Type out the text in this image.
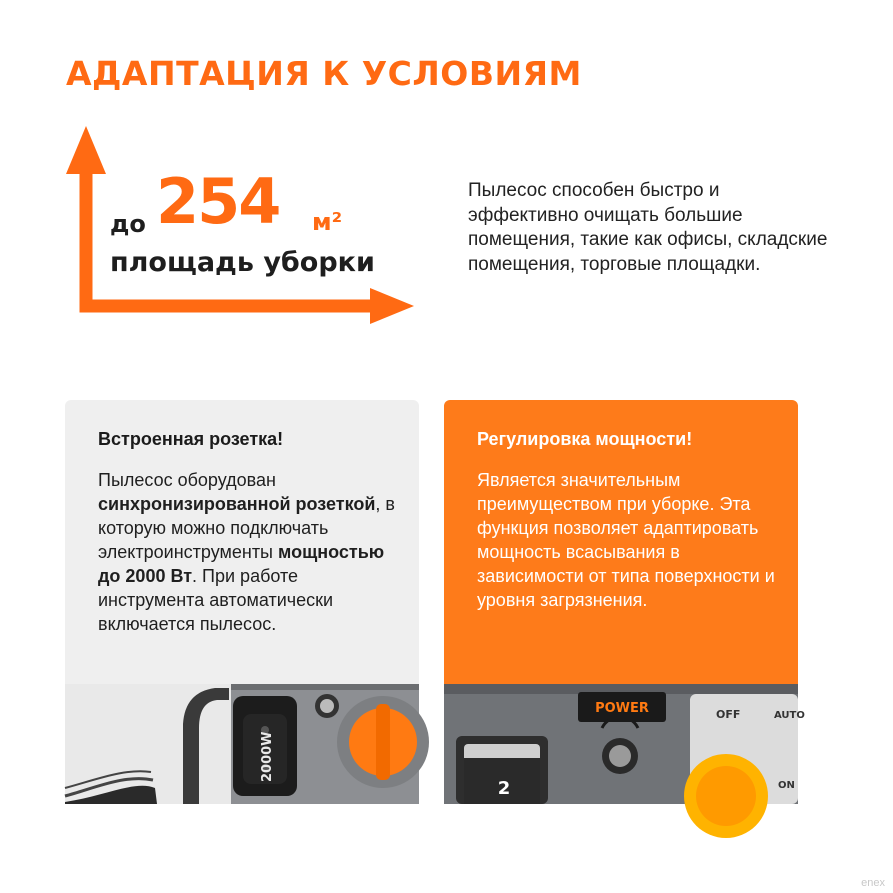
АДАПТАЦИЯ К УСЛОВИЯМ
до 254 м²
площадь уборки
Пылесос способен быстро и эффективно очищать большие помещения, такие как офисы, складские помещения, торговые площадки.
Встроенная розетка!
Пылесос оборудован синхронизированной розеткой, в которую можно подключать электроинструменты мощностью до 2000 Вт. При работе инструмента автоматически включается пылесос.
2000W
Регулировка мощности!
Является значительным преимуществом при уборке. Эта функция позволяет адаптировать мощность всасывания в зависимости от типа поверхности и уровня загрязнения.
POWER
2
OFF	AUTO
ON
enex
